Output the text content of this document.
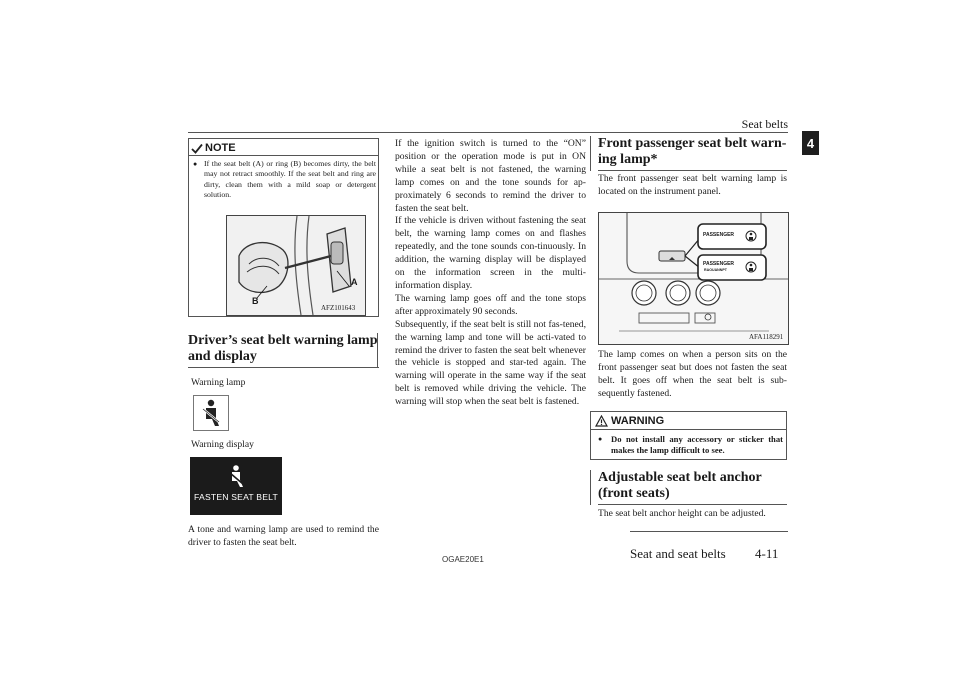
Seat belts
4
NOTE
● If the seat belt (A) or ring (B) becomes dirty, the belt may not retract smoothly. If the seat belt and ring are dirty, clean them with a mild soap or detergent solution.
A
B
AFZ101643
Driver’s seat belt warning lamp and display
Warning lamp
Warning display
FASTEN SEAT BELT
A tone and warning lamp are used to remind the driver to fasten the seat belt.

If the ignition switch is turned to the “ON” position or the operation mode is put in ON while a seat belt is not fastened, the warning lamp comes on and the tone sounds for ap-proximately 6 seconds to remind the driver to fasten the seat belt.

If the vehicle is driven without fastening the seat belt, the warning lamp comes on and flashes repeatedly, and the tone sounds con-tinuously. In addition, the warning display will be displayed on the information screen in the multi-information display.

The warning lamp goes off and the tone stops after approximately 90 seconds.

Subsequently, if the seat belt is still not fas-tened, the warning lamp and tone will be acti-vated to remind the driver to fasten the seat belt whenever the vehicle is stopped and star-ted again. The warning will operate in the same way if the seat belt is removed while driving the vehicle. The warning will stop when the seat belt is fastened.

Front passenger seat belt warn-ing lamp*
The front passenger seat belt warning lamp is located on the instrument panel.
PASSENGER
PASSENGER
RAOUANNPT
AFA118291
The lamp comes on when a person sits on the front passenger seat but does not fasten the seat belt. It goes off when the seat belt is sub-sequently fastened.
WARNING
●	Do not install any accessory or sticker that makes the lamp difficult to see.
Adjustable seat belt anchor (front seats)
The seat belt anchor height can be adjusted.
OGAE20E1	Seat and seat belts 4-11
